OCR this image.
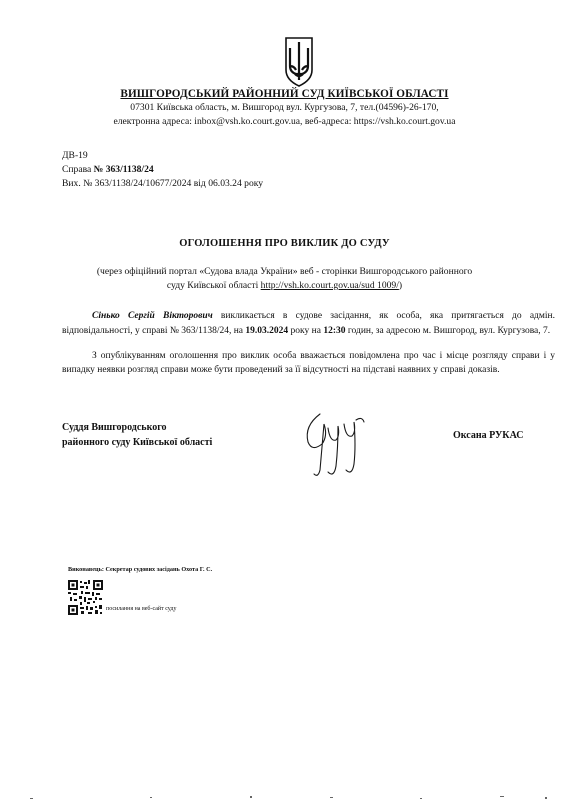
ВИШГОРОДСЬКИЙ РАЙОННИЙ СУД КИЇВСЬКОЇ ОБЛАСТІ
07301 Київська область, м. Вишгород вул. Кургузова, 7, тел.(04596)-26-170,
електронна адреса: inbox@vsh.ko.court.gov.ua, веб-адреса: https://vsh.ko.court.gov.ua
ДВ-19
Справа № 363/1138/24
Вих. № 363/1138/24/10677/2024 від 06.03.24 року
ОГОЛОШЕННЯ ПРО ВИКЛИК ДО СУДУ
(через офіційний портал «Судова влада України» веб - сторінки Вишгородського районного
суду Київської області http://vsh.ko.court.gov.ua/sud 1009/)
Сінько Сергій Вікторович викликається в судове засідання, як особа, яка притягається до адмін. відповідальності, у справі № 363/1138/24, на 19.03.2024 року на 12:30 годин, за адресою м. Вишгород, вул. Кургузова, 7.
З опублікуванням оголошення про виклик особа вважається повідомлена про час і місце розгляду справи і у випадку неявки розгляд справи може бути проведений за її відсутності на підставі наявних у справі доказів.
Суддя Вишгородського
районного суду Київської області
Оксана РУКАС
Виконавець: Секретар судових засідань Охота Г. С.
посилання на веб-сайт суду
